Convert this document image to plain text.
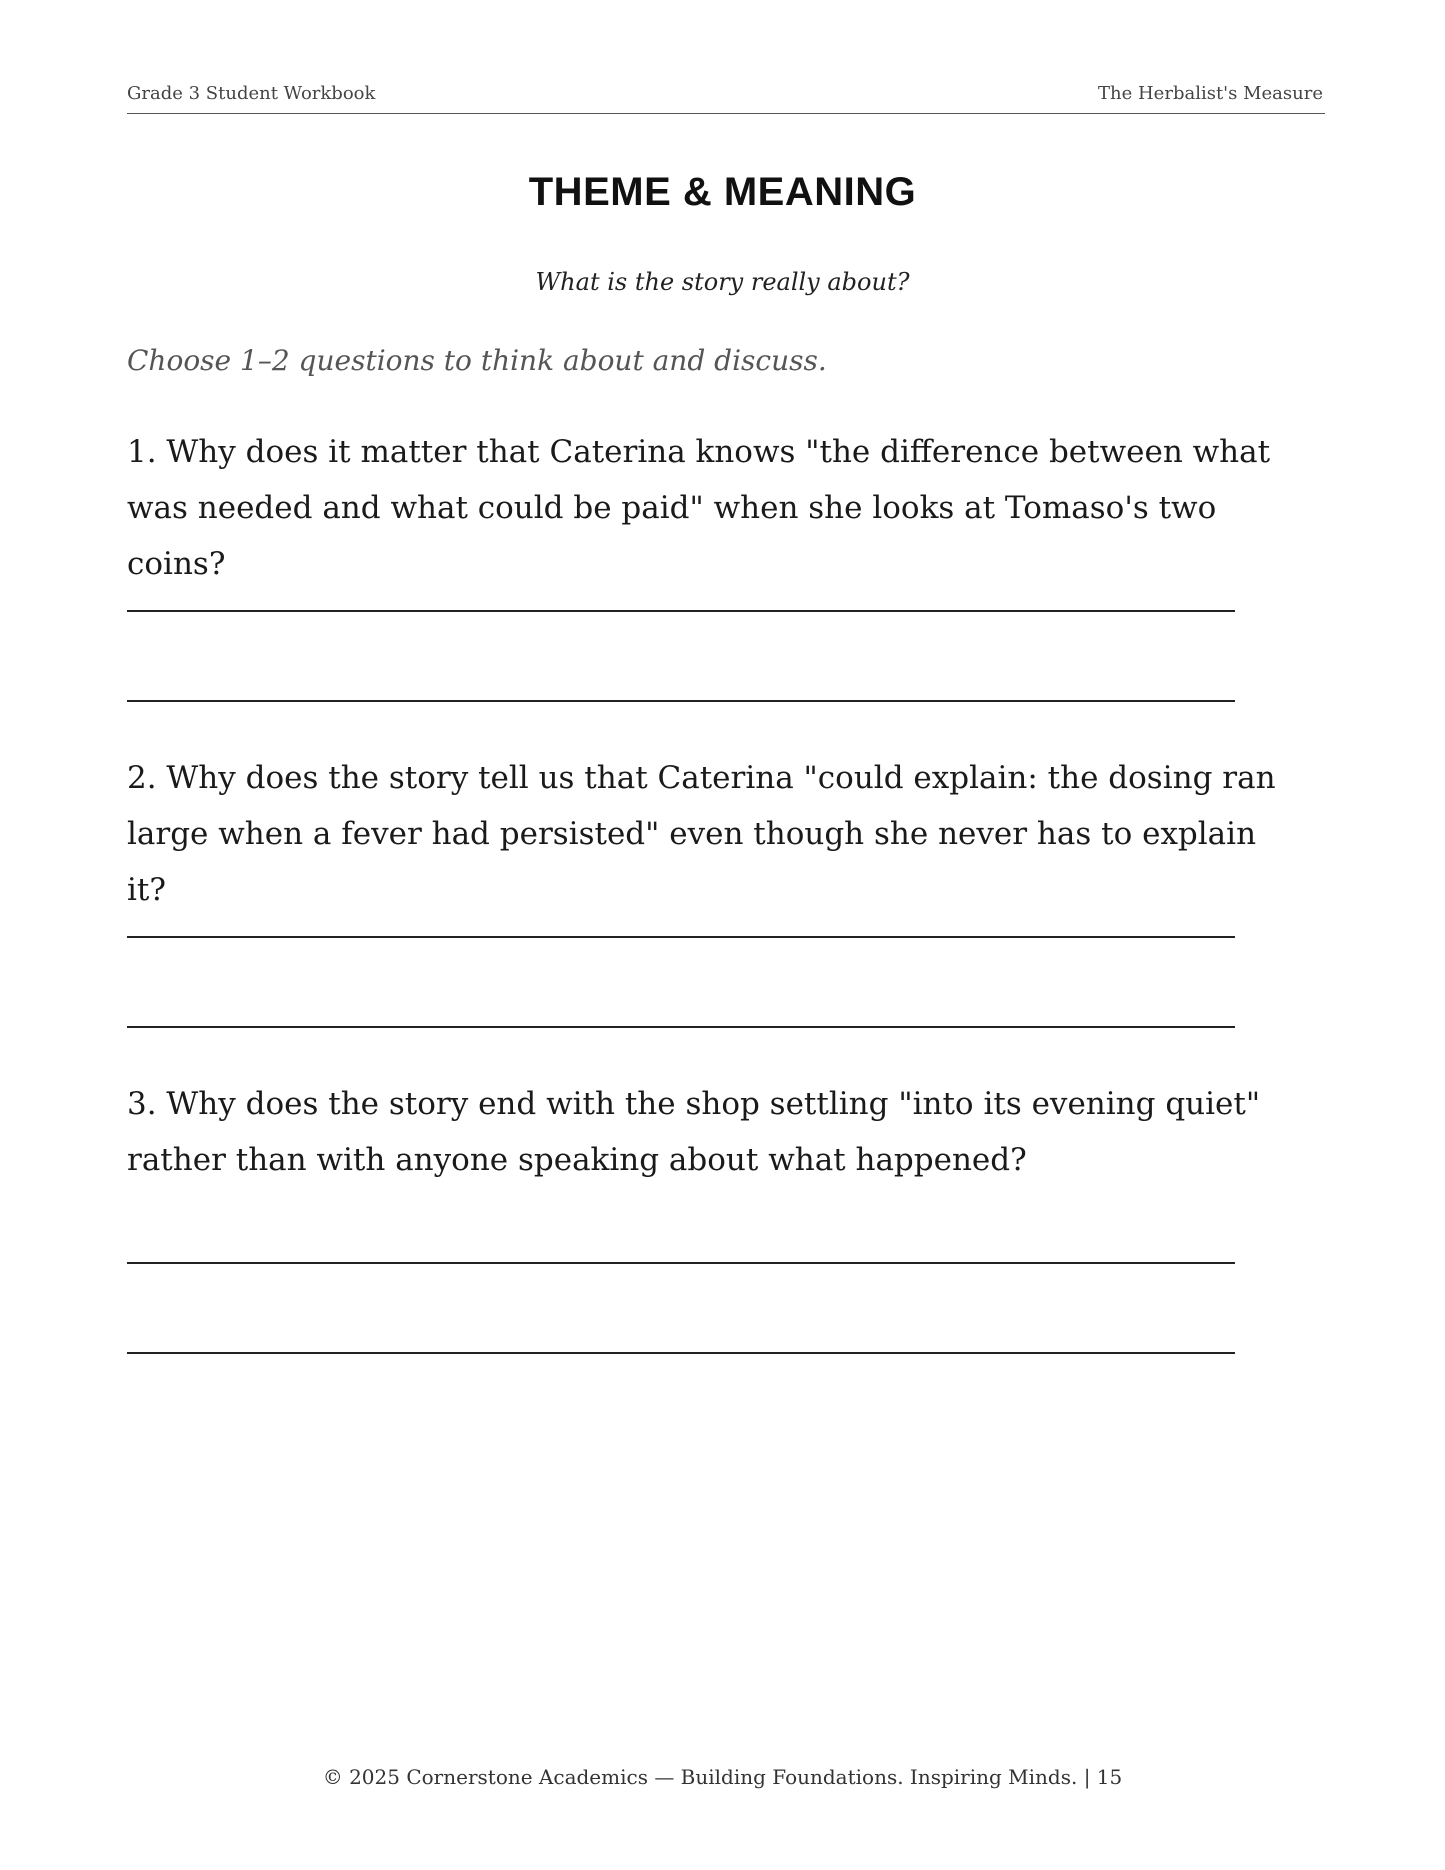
Grade 3 Student Workbook	The Herbalist's Measure
THEME & MEANING
What is the story really about?
Choose 1–2 questions to think about and discuss.

1. Why does it matter that Caterina knows "the difference between what was needed and what could be paid" when she looks at Tomaso's two coins?

2. Why does the story tell us that Caterina "could explain: the dosing ran large when a fever had persisted" even though she never has to explain it?

3. Why does the story end with the shop settling "into its evening quiet" rather than with anyone speaking about what happened?

© 2025 Cornerstone Academics — Building Foundations. Inspiring Minds. | 15
